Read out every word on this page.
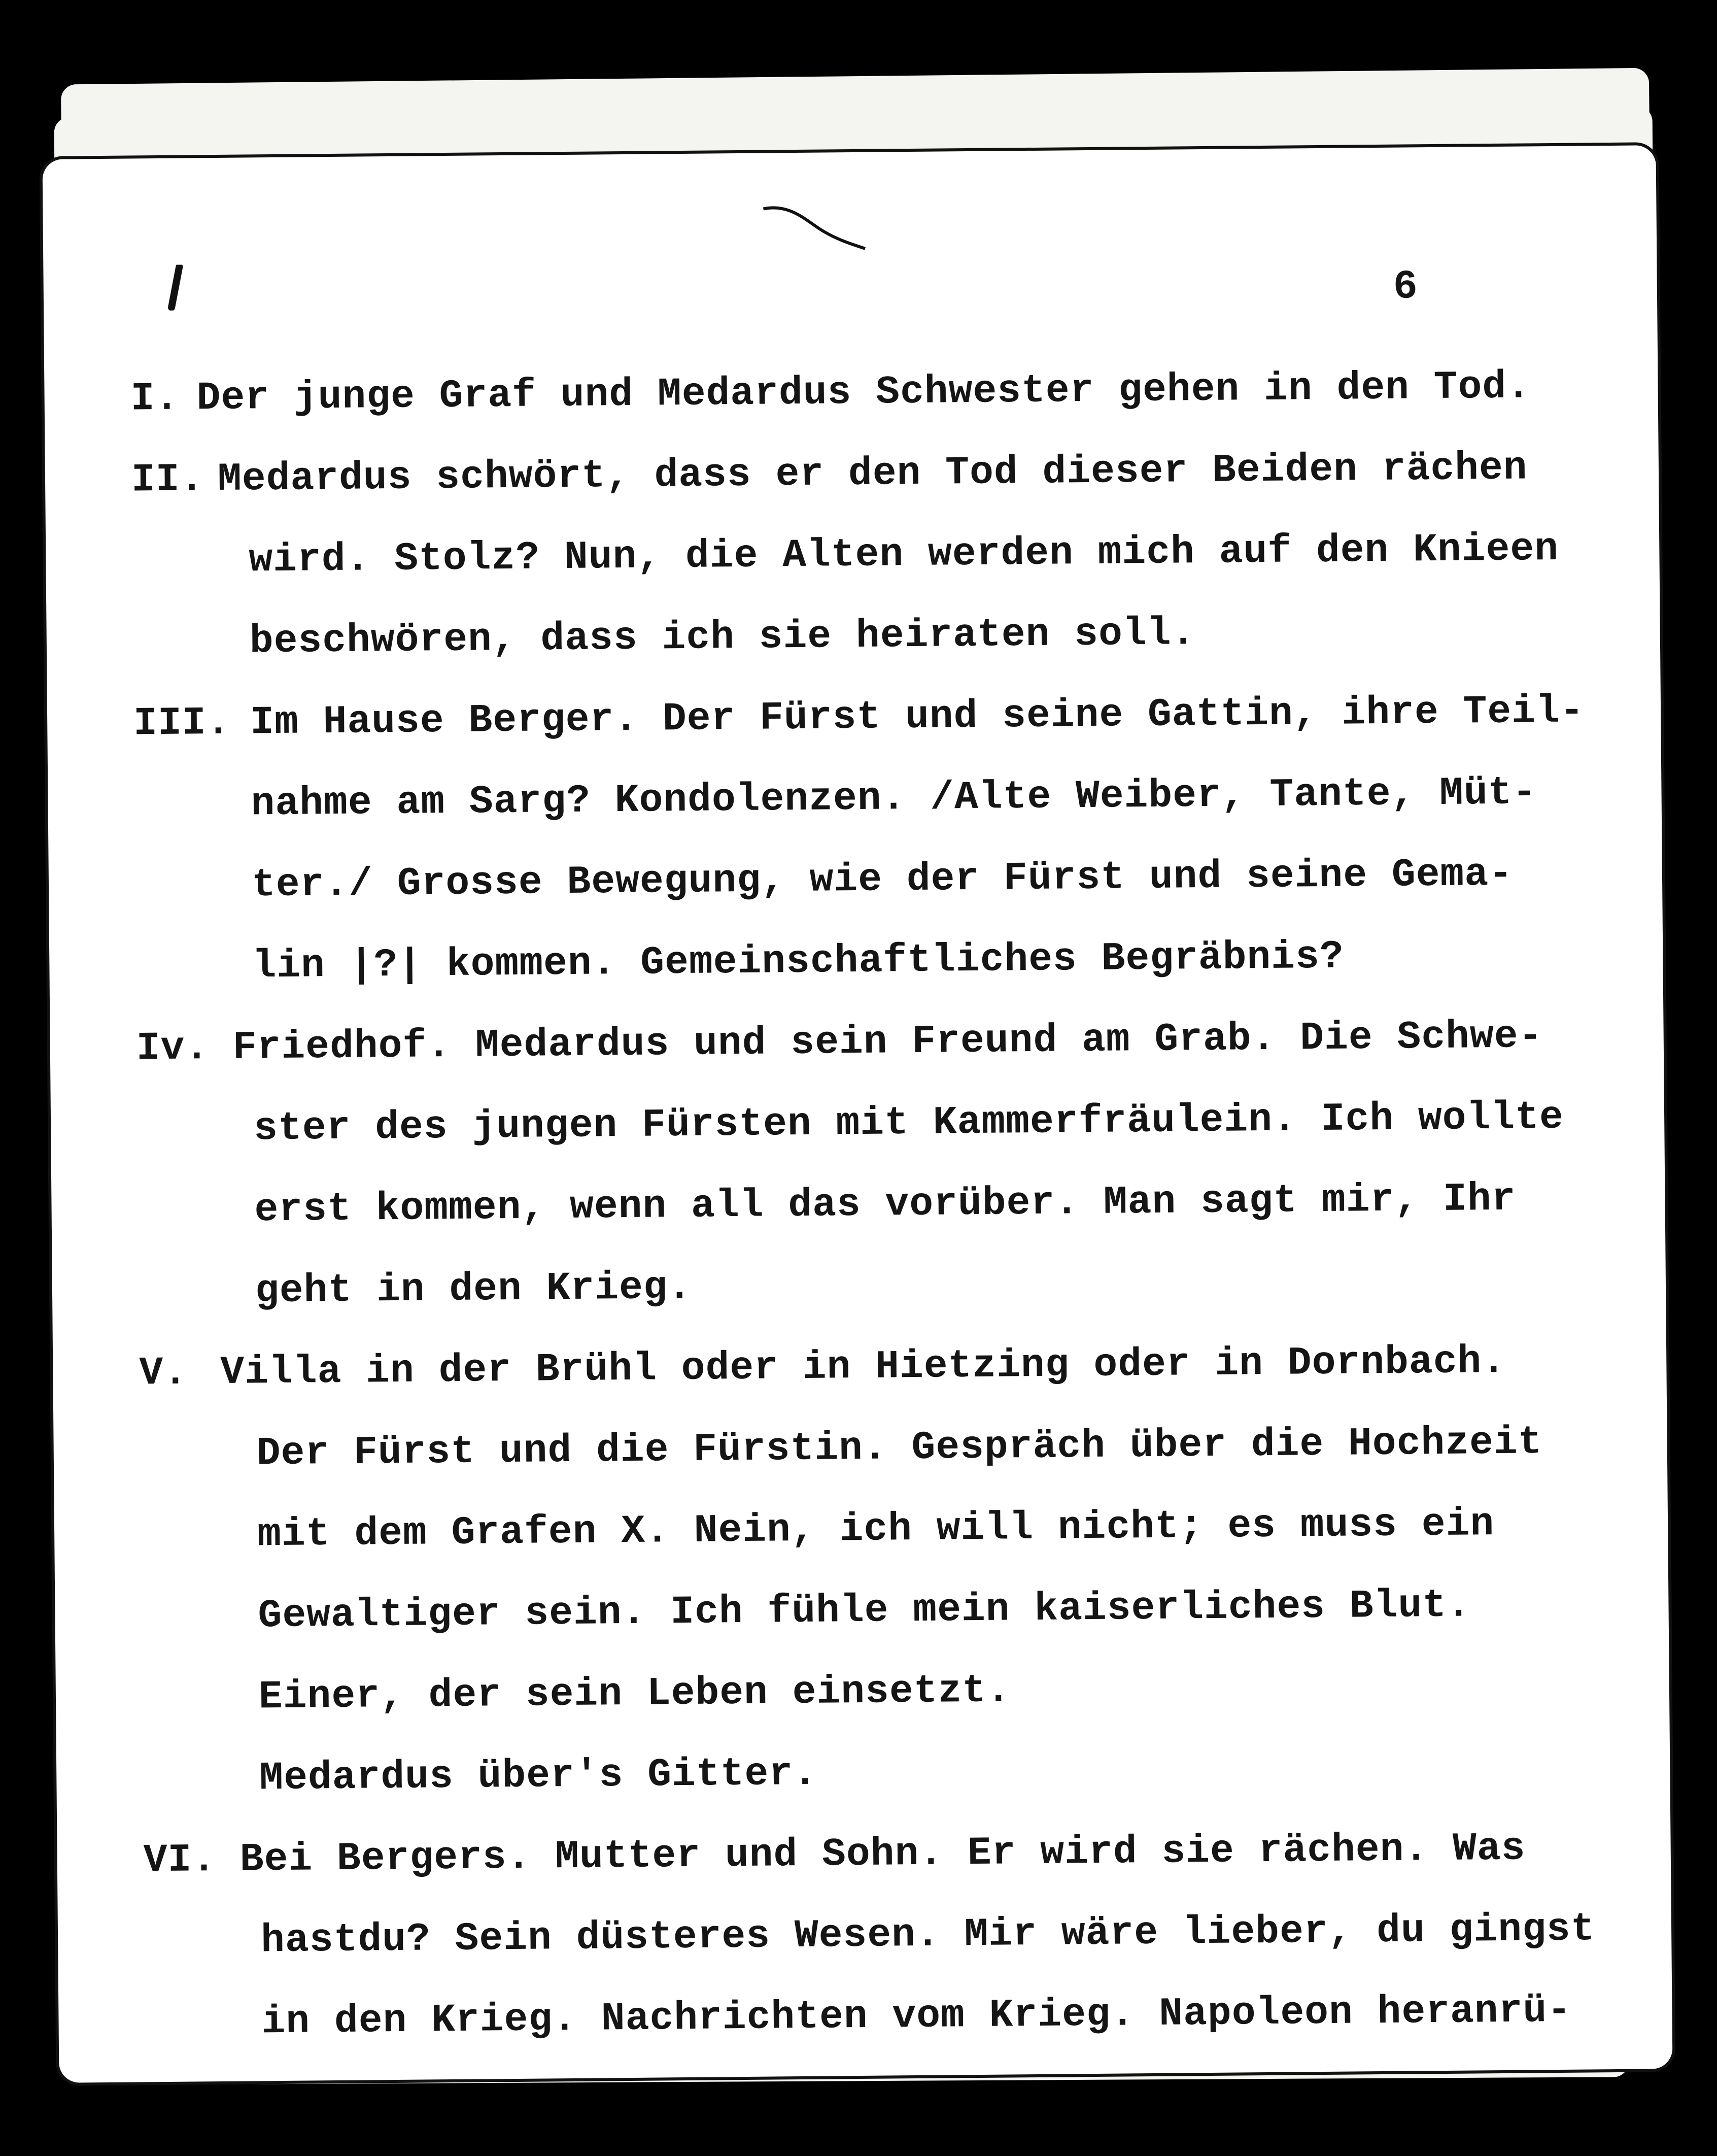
6
I. Der junge Graf und Medardus Schwester gehen in den Tod.
II. Medardus schwört, dass er den Tod dieser Beiden rächen
wird. Stolz? Nun, die Alten werden mich auf den Knieen
beschwören, dass ich sie heiraten soll.
III. Im Hause Berger. Der Fürst und seine Gattin, ihre Teil-
nahme am Sarg? Kondolenzen. /Alte Weiber, Tante, Müt-
ter./ Grosse Bewegung, wie der Fürst und seine Gema-
lin |?| kommen. Gemeinschaftliches Begräbnis?
Iv. Friedhof. Medardus und sein Freund am Grab. Die Schwe-
ster des jungen Fürsten mit Kammerfräulein. Ich wollte
erst kommen, wenn all das vorüber. Man sagt mir, Ihr
geht in den Krieg.
V. Villa in der Brühl oder in Hietzing oder in Dornbach.
Der Fürst und die Fürstin. Gespräch über die Hochzeit
mit dem Grafen X. Nein, ich will nicht; es muss ein
Gewaltiger sein. Ich fühle mein kaiserliches Blut.
Einer, der sein Leben einsetzt.
Medardus über's Gitter.
VI. Bei Bergers. Mutter und Sohn. Er wird sie rächen. Was
hastdu? Sein düsteres Wesen. Mir wäre lieber, du gingst
in den Krieg. Nachrichten vom Krieg. Napoleon heranrü-
